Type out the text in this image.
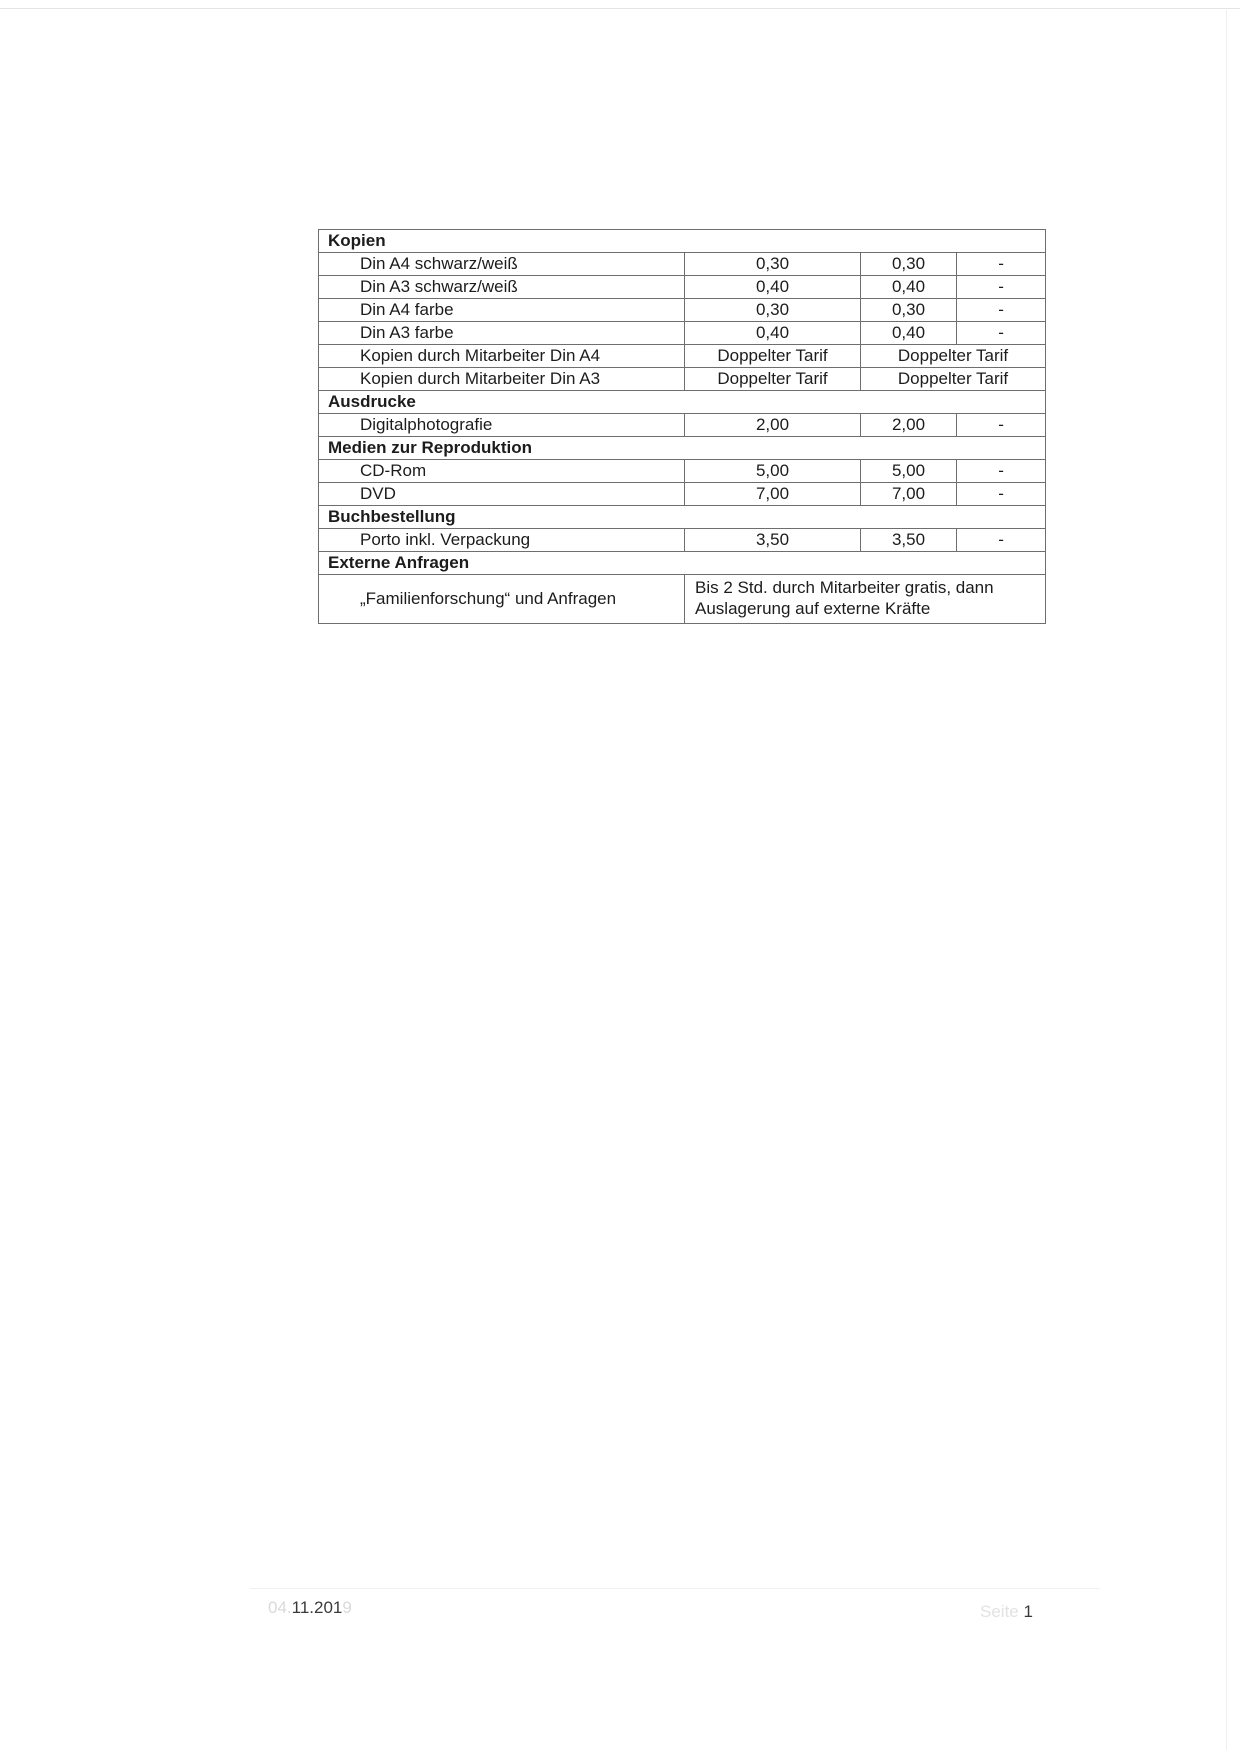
Kopien			
Din A4 schwarz/weiß	0,30	0,30	-
Din A3 schwarz/weiß	0,40	0,40	-
Din A4 farbe	0,30	0,30	-
Din A3 farbe	0,40	0,40	-
Kopien durch Mitarbeiter Din A4	Doppelter Tarif	Doppelter Tarif	
Kopien durch Mitarbeiter Din A3	Doppelter Tarif	Doppelter Tarif	
Ausdrucke			
Digitalphotografie	2,00	2,00	-
Medien zur Reproduktion			
CD-Rom	5,00	5,00	-
DVD	7,00	7,00	-
Buchbestellung			
Porto inkl. Verpackung	3,50	3,50	-
Externe Anfragen			
„Familienforschung“ und Anfragen	Bis 2 Std. durch Mitarbeiter gratis, dann Auslagerung auf externe Kräfte		
04.11.2019	Seite 1
